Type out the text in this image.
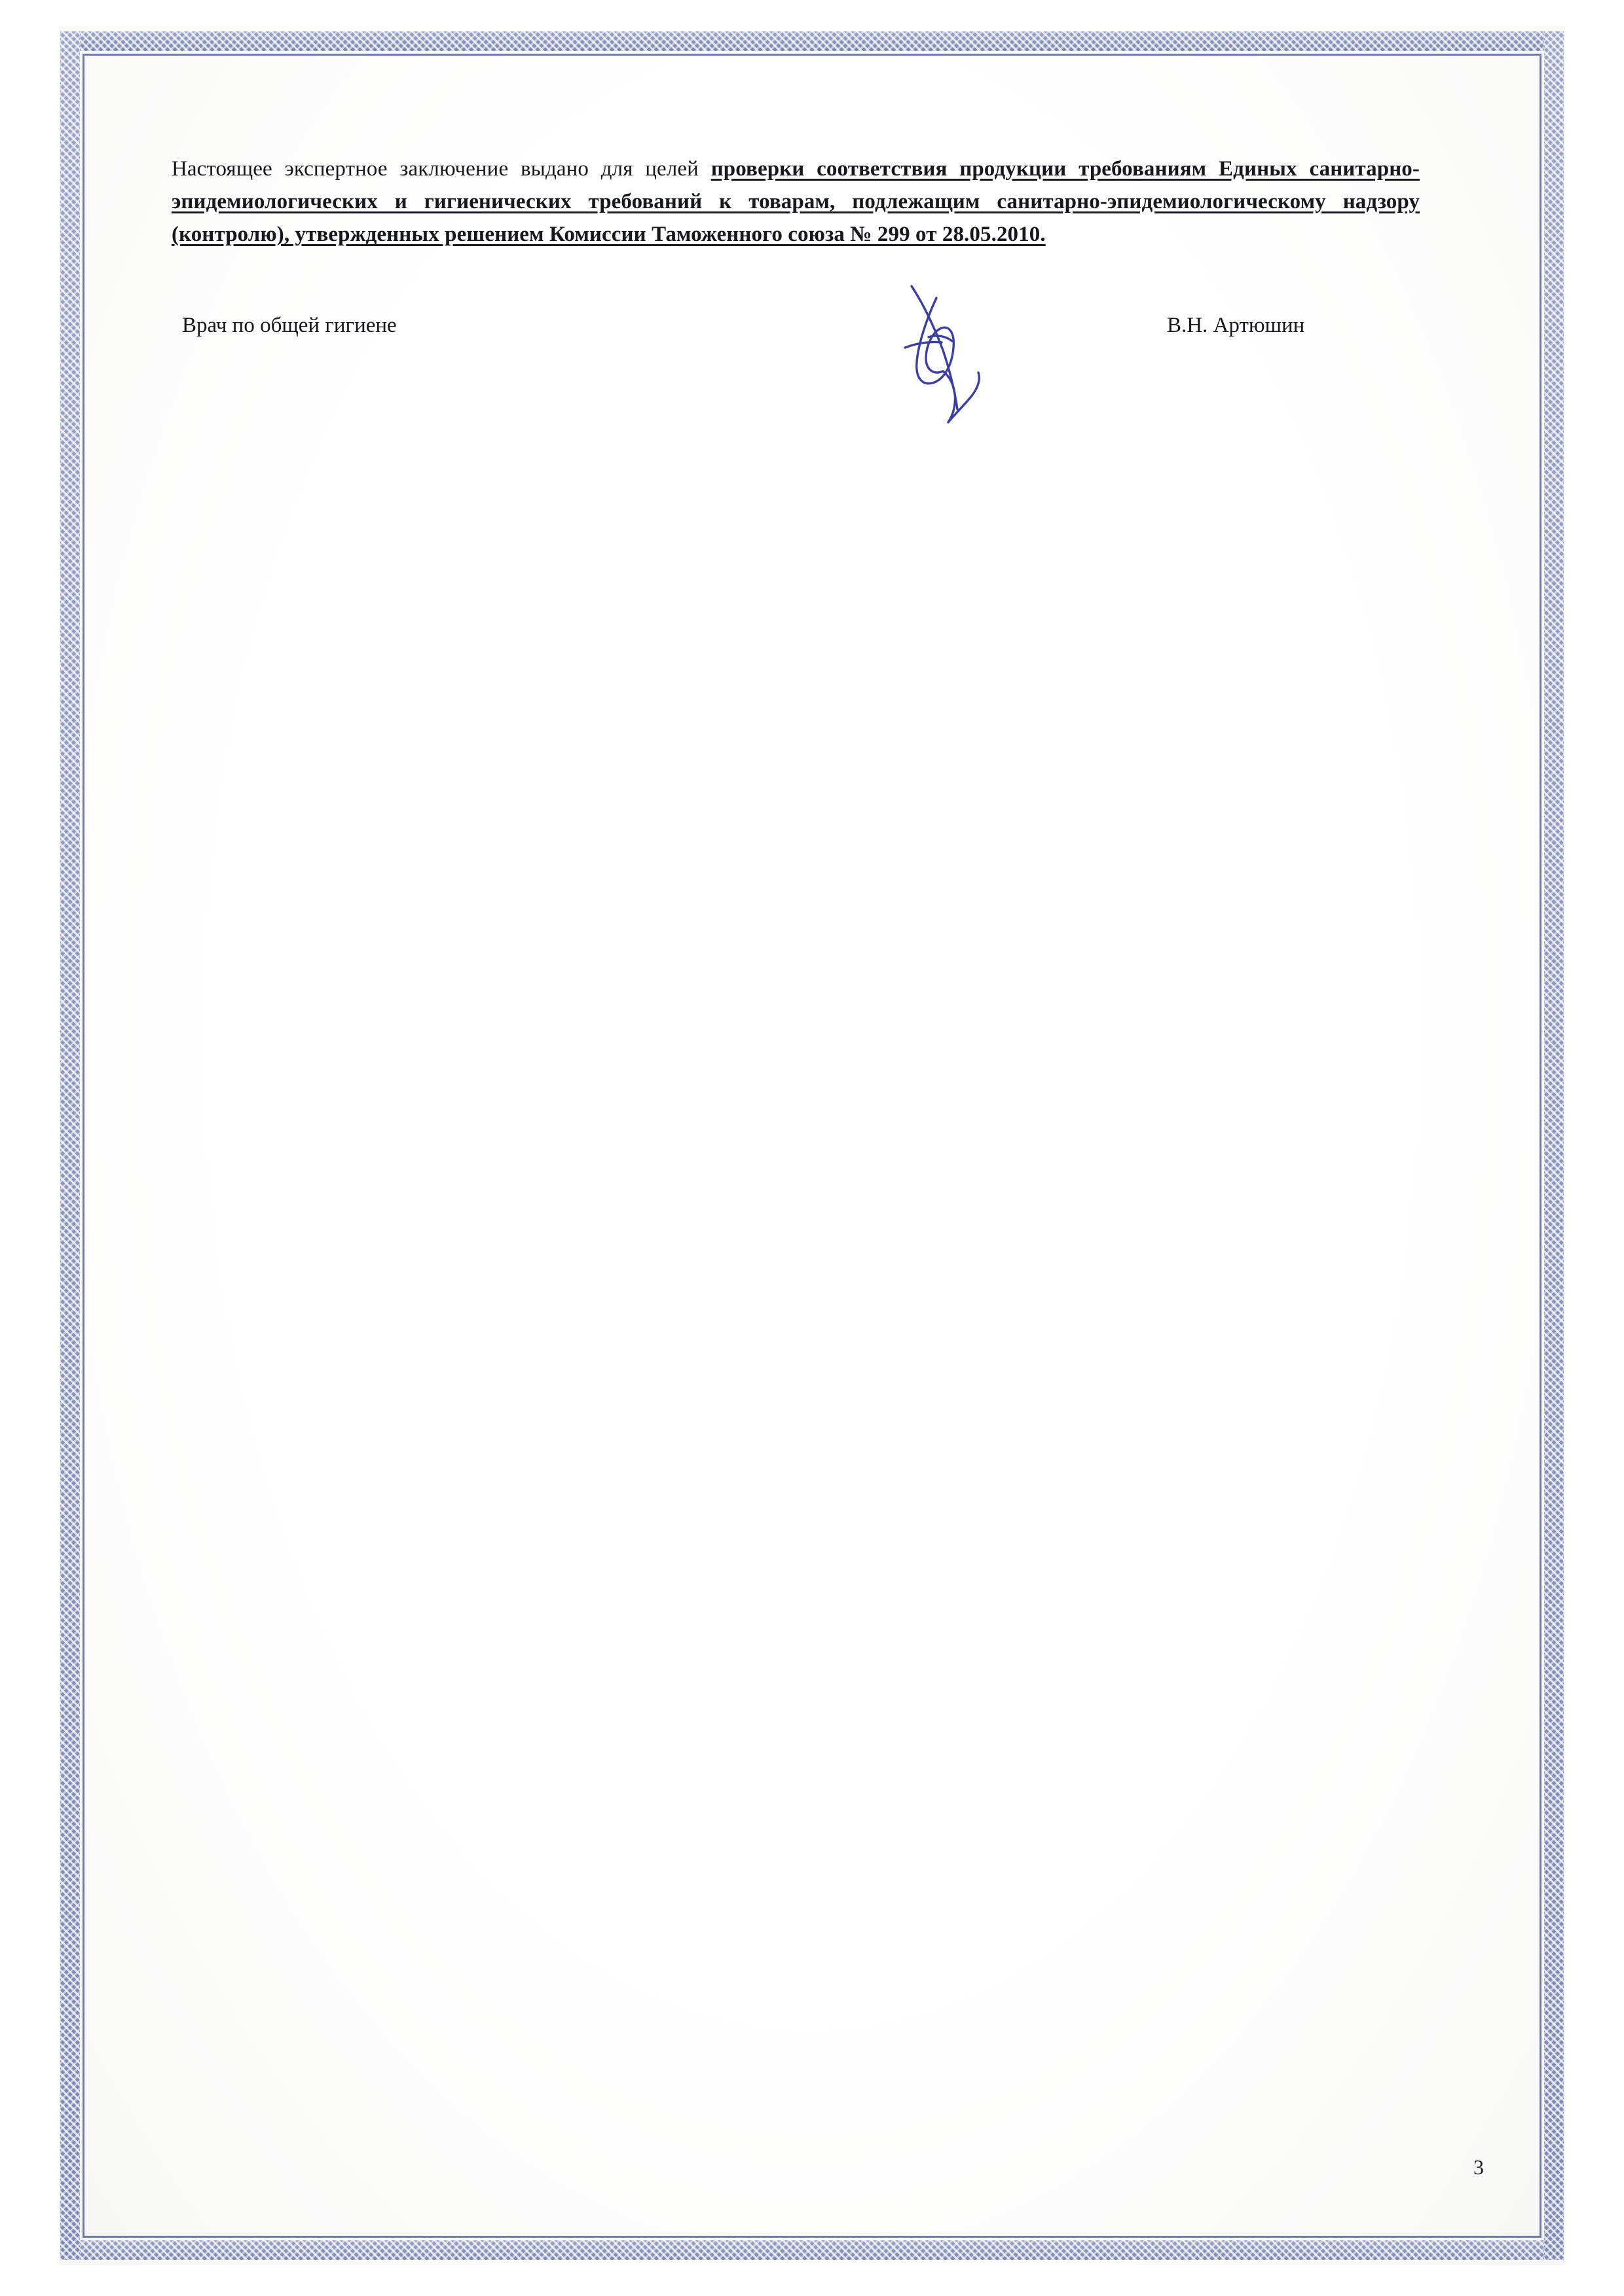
Настоящее экспертное заключение выдано для целей проверки соответствия продукции требованиям Единых санитарно-эпидемиологических и гигиенических требований к товарам, подлежащим санитарно-эпидемиологическому надзору (контролю), утвержденных решением Комиссии Таможенного союза № 299 от 28.05.2010.

Врач по общей гигиене	В.Н. Артюшин
3
